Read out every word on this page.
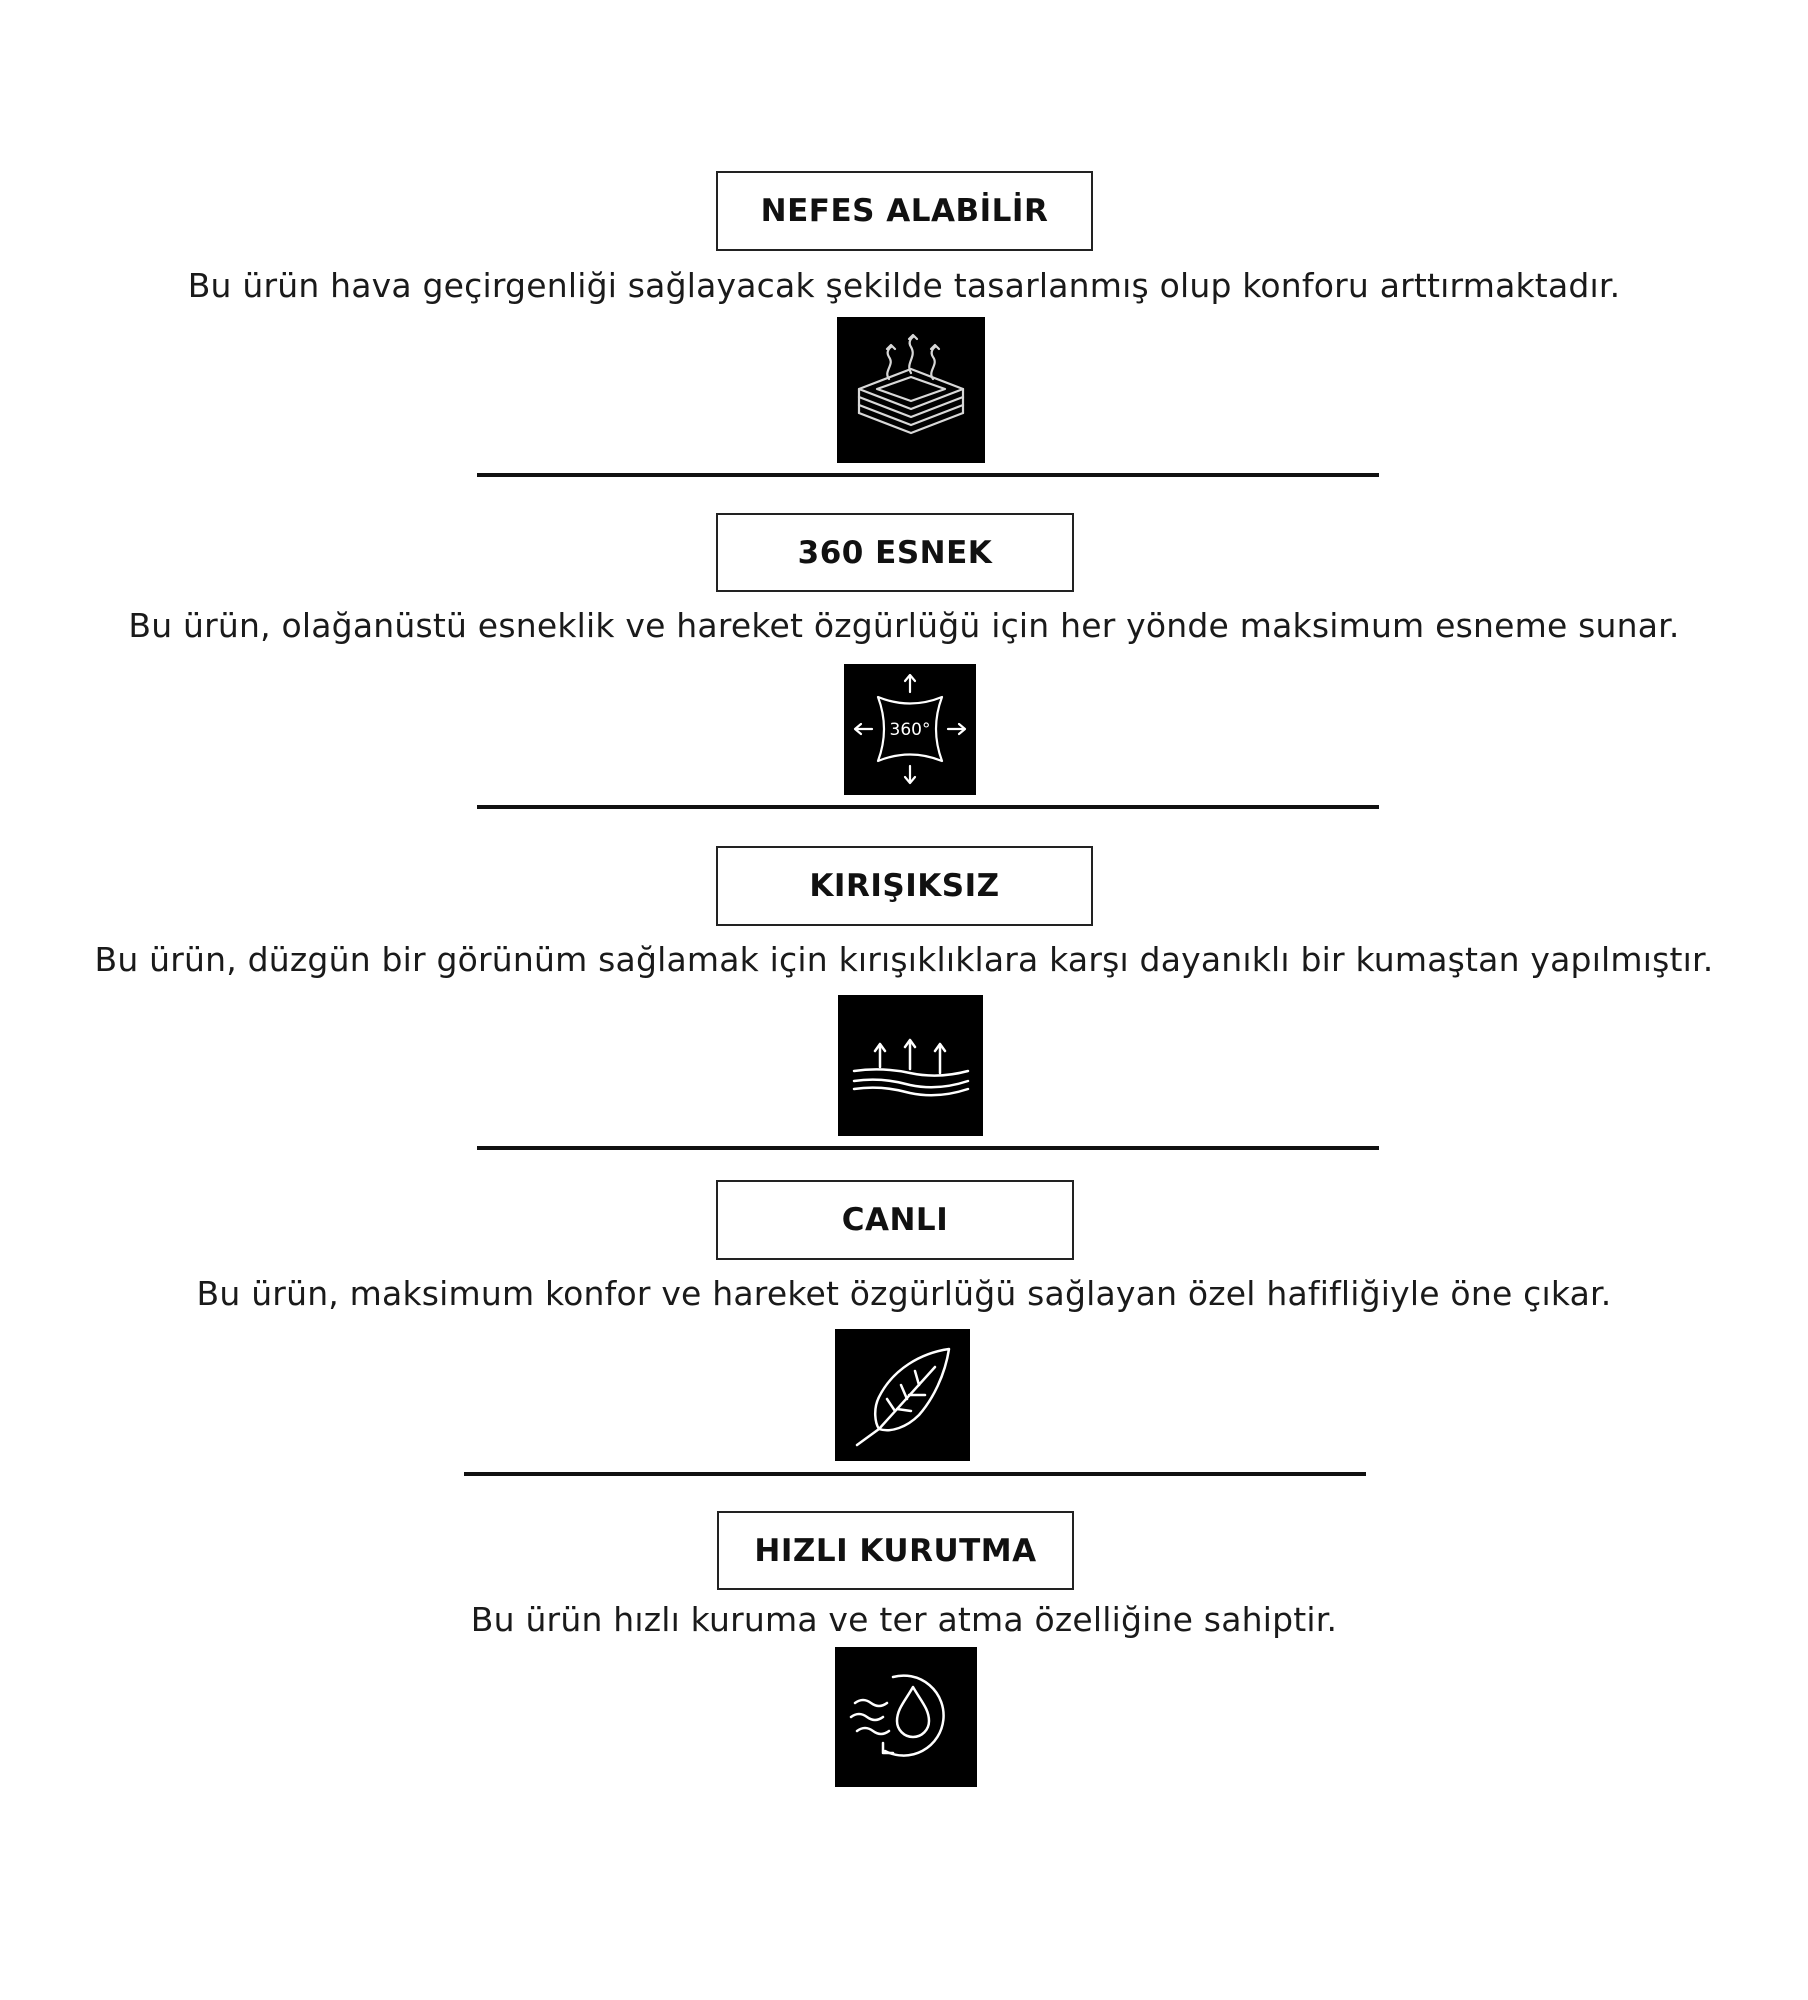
NEFES ALABİLİR
Bu ürün hava geçirgenliği sağlayacak şekilde tasarlanmış olup konforu arttırmaktadır.
360 ESNEK
Bu ürün, olağanüstü esneklik ve hareket özgürlüğü için her yönde maksimum esneme sunar.
360°
KIRIŞIKSIZ
Bu ürün, düzgün bir görünüm sağlamak için kırışıklıklara karşı dayanıklı bir kumaştan yapılmıştır.
CANLI
Bu ürün, maksimum konfor ve hareket özgürlüğü sağlayan özel hafifliğiyle öne çıkar.
HIZLI KURUTMA
Bu ürün hızlı kuruma ve ter atma özelliğine sahiptir.
